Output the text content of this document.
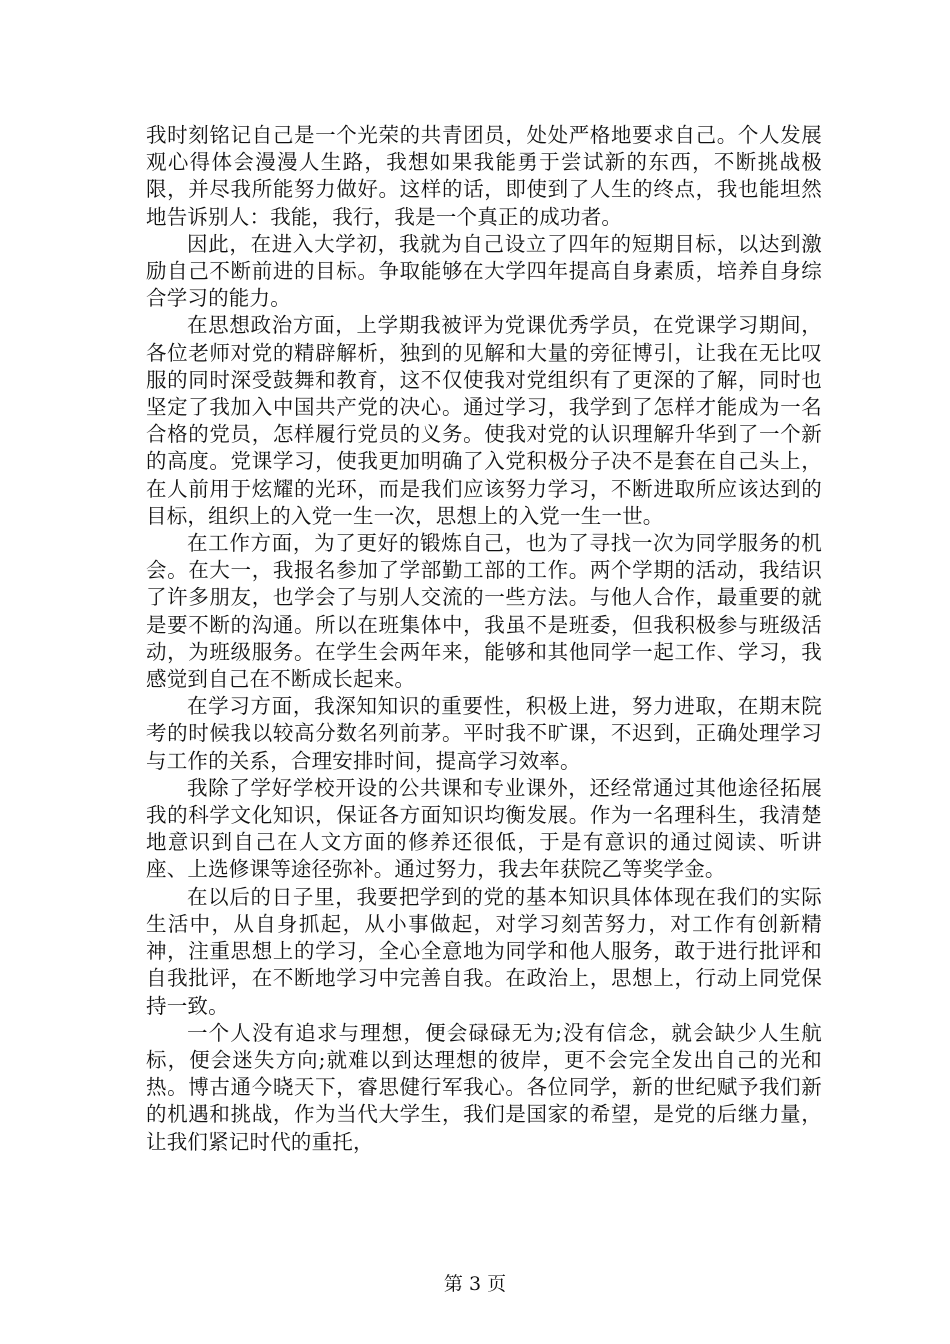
我时刻铭记自己是一个光荣的共青团员，处处严格地要求自己。个人发展观心得体会漫漫人生路，我想如果我能勇于尝试新的东西，不断挑战极限，并尽我所能努力做好。这样的话，即使到了人生的终点，我也能坦然地告诉别人：我能，我行，我是一个真正的成功者。

因此，在进入大学初，我就为自己设立了四年的短期目标，以达到激励自己不断前进的目标。争取能够在大学四年提高自身素质，培养自身综合学习的能力。

在思想政治方面，上学期我被评为党课优秀学员，在党课学习期间，各位老师对党的精辟解析，独到的见解和大量的旁征博引，让我在无比叹服的同时深受鼓舞和教育，这不仅使我对党组织有了更深的了解，同时也坚定了我加入中国共产党的决心。通过学习，我学到了怎样才能成为一名合格的党员，怎样履行党员的义务。使我对党的认识理解升华到了一个新的高度。党课学习，使我更加明确了入党积极分子决不是套在自己头上，在人前用于炫耀的光环，而是我们应该努力学习，不断进取所应该达到的目标，组织上的入党一生一次，思想上的入党一生一世。

在工作方面，为了更好的锻炼自己，也为了寻找一次为同学服务的机会。在大一，我报名参加了学部勤工部的工作。两个学期的活动，我结识了许多朋友，也学会了与别人交流的一些方法。与他人合作，最重要的就是要不断的沟通。所以在班集体中，我虽不是班委，但我积极参与班级活动，为班级服务。在学生会两年来，能够和其他同学一起工作、学习，我感觉到自己在不断成长起来。

在学习方面，我深知知识的重要性，积极上进，努力进取，在期末院考的时候我以较高分数名列前茅。平时我不旷课，不迟到，正确处理学习与工作的关系，合理安排时间，提高学习效率。

我除了学好学校开设的公共课和专业课外，还经常通过其他途径拓展我的科学文化知识，保证各方面知识均衡发展。作为一名理科生，我清楚地意识到自己在人文方面的修养还很低，于是有意识的通过阅读、听讲座、上选修课等途径弥补。通过努力，我去年获院乙等奖学金。

在以后的日子里，我要把学到的党的基本知识具体体现在我们的实际生活中，从自身抓起，从小事做起，对学习刻苦努力，对工作有创新精神，注重思想上的学习，全心全意地为同学和他人服务，敢于进行批评和自我批评，在不断地学习中完善自我。在政治上，思想上，行动上同党保持一致。

一个人没有追求与理想，便会碌碌无为;没有信念，就会缺少人生航标，便会迷失方向;就难以到达理想的彼岸，更不会完全发出自己的光和热。博古通今晓天下，睿思健行军我心。各位同学，新的世纪赋予我们新的机遇和挑战，作为当代大学生，我们是国家的希望，是党的后继力量，让我们紧记时代的重托，

第 3 页
